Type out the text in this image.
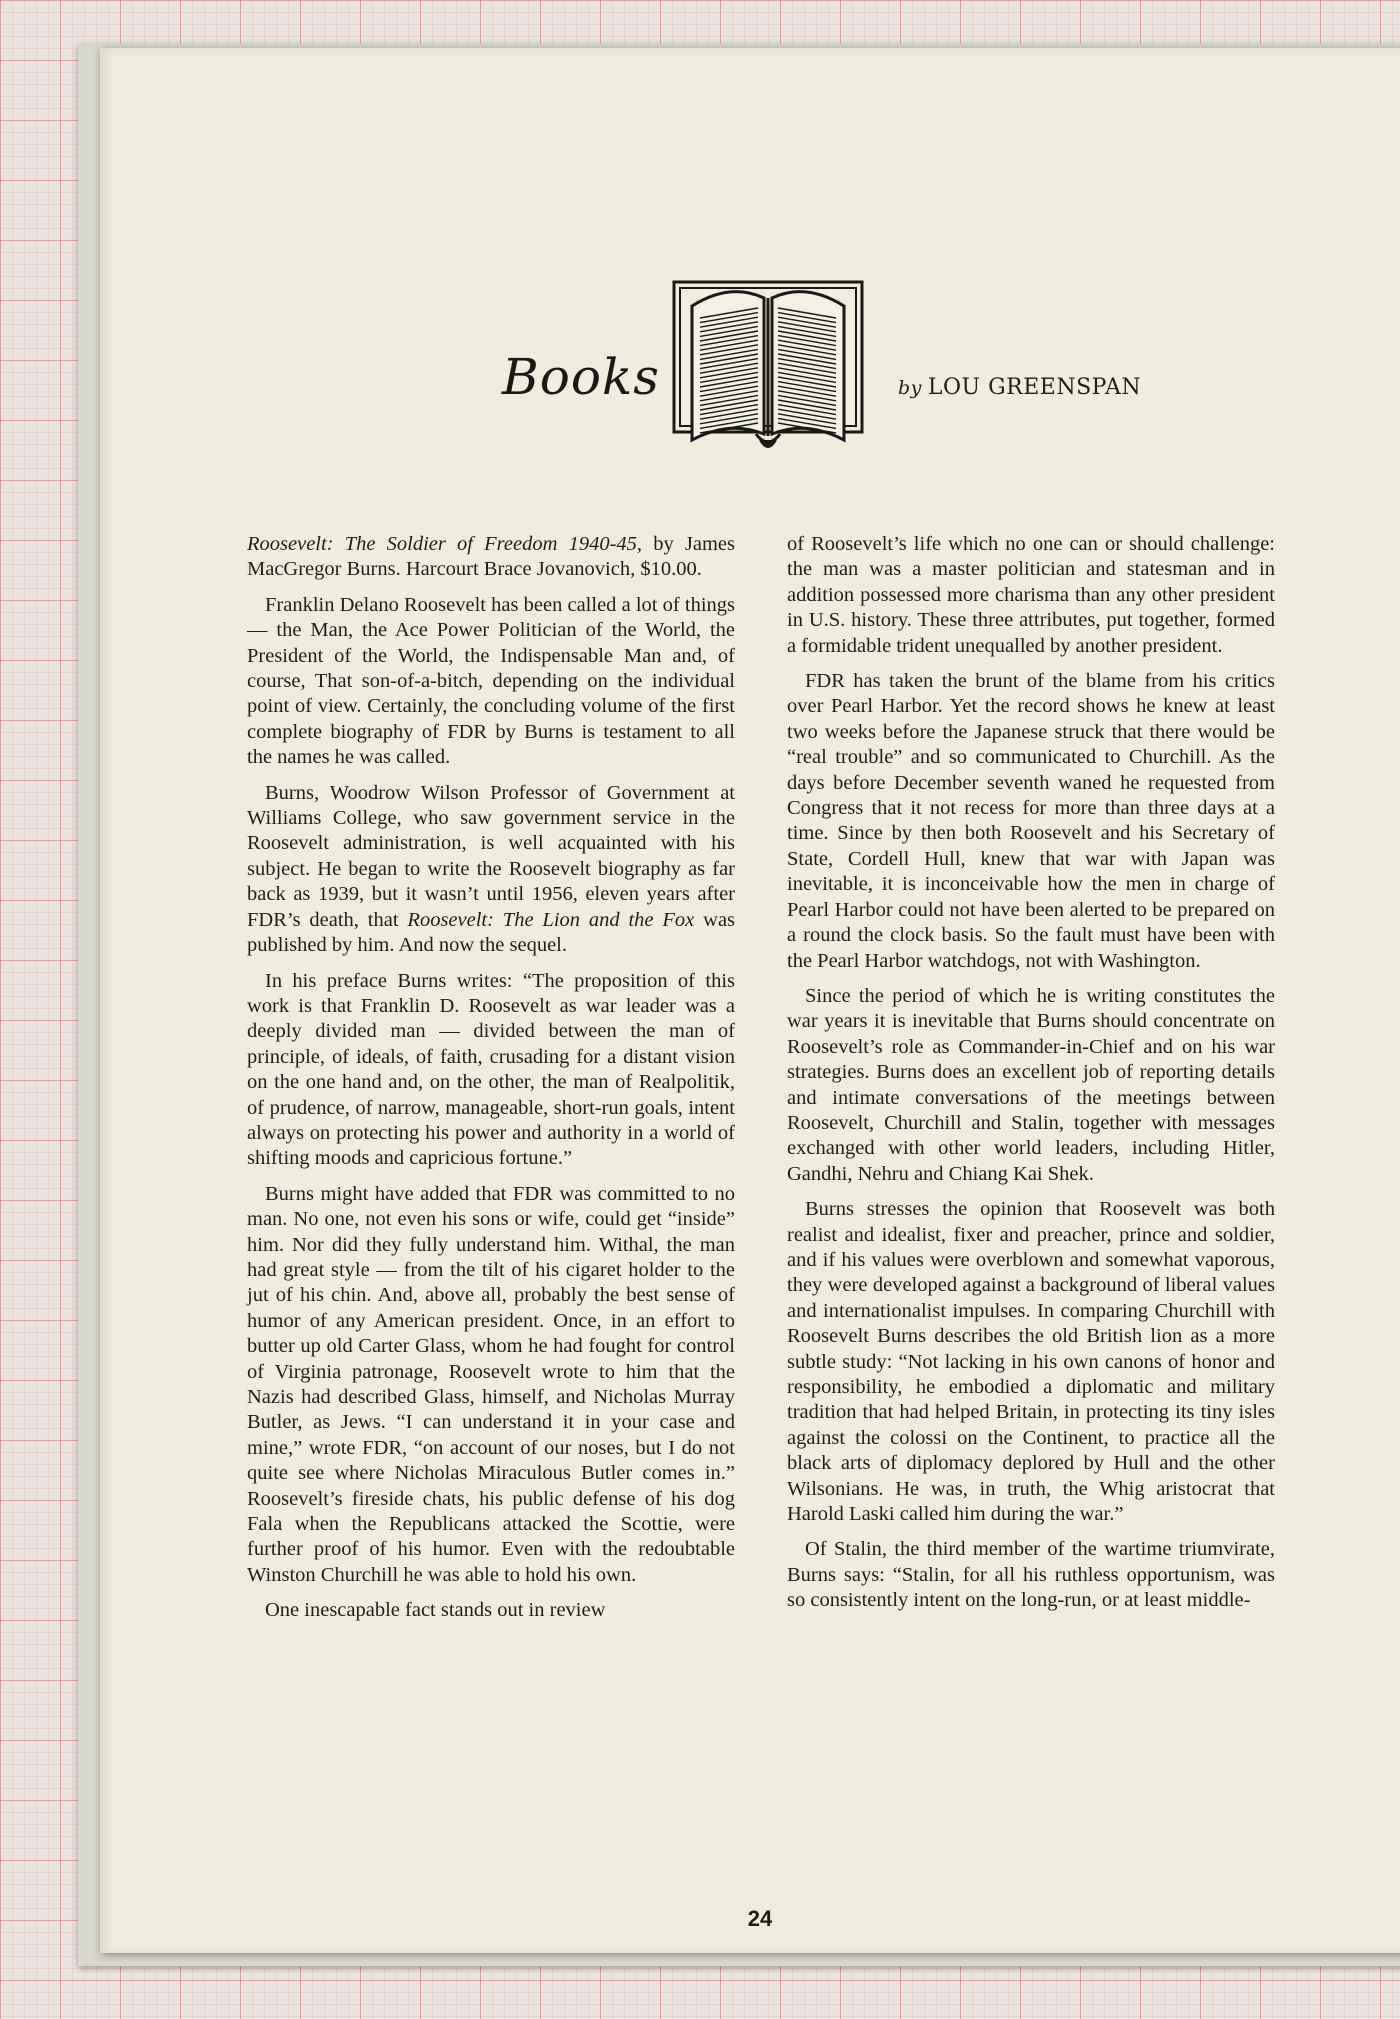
Books	by LOU GREENSPAN

Roosevelt: The Soldier of Freedom 1940-45, by James MacGregor Burns. Harcourt Brace Jovanovich, $10.00.

Franklin Delano Roosevelt has been called a lot of things — the Man, the Ace Power Politician of the World, the President of the World, the Indispensable Man and, of course, That son-of-a-bitch, depending on the individual point of view. Certainly, the concluding volume of the first complete biography of FDR by Burns is testament to all the names he was called.

Burns, Woodrow Wilson Professor of Government at Williams College, who saw government service in the Roosevelt administration, is well acquainted with his subject. He began to write the Roosevelt biography as far back as 1939, but it wasn’t until 1956, eleven years after FDR’s death, that Roosevelt: The Lion and the Fox was published by him. And now the sequel.

In his preface Burns writes: “The proposition of this work is that Franklin D. Roosevelt as war leader was a deeply divided man — divided between the man of principle, of ideals, of faith, crusading for a distant vision on the one hand and, on the other, the man of Realpolitik, of prudence, of narrow, manageable, short-run goals, intent always on protecting his power and authority in a world of shifting moods and capricious fortune.”

Burns might have added that FDR was committed to no man. No one, not even his sons or wife, could get “inside” him. Nor did they fully understand him. Withal, the man had great style — from the tilt of his cigaret holder to the jut of his chin. And, above all, probably the best sense of humor of any American president. Once, in an effort to butter up old Carter Glass, whom he had fought for control of Virginia patronage, Roosevelt wrote to him that the Nazis had described Glass, himself, and Nicholas Murray Butler, as Jews. “I can understand it in your case and mine,” wrote FDR, “on account of our noses, but I do not quite see where Nicholas Miraculous Butler comes in.” Roosevelt’s fireside chats, his public defense of his dog Fala when the Republicans attacked the Scottie, were further proof of his humor. Even with the redoubtable Winston Churchill he was able to hold his own.

One inescapable fact stands out in review

of Roosevelt’s life which no one can or should challenge: the man was a master politician and statesman and in addition possessed more charisma than any other president in U.S. history. These three attributes, put together, formed a formidable trident unequalled by another president.

FDR has taken the brunt of the blame from his critics over Pearl Harbor. Yet the record shows he knew at least two weeks before the Japanese struck that there would be “real trouble” and so communicated to Churchill. As the days before December seventh waned he requested from Congress that it not recess for more than three days at a time. Since by then both Roosevelt and his Secretary of State, Cordell Hull, knew that war with Japan was inevitable, it is inconceivable how the men in charge of Pearl Harbor could not have been alerted to be prepared on a round the clock basis. So the fault must have been with the Pearl Harbor watchdogs, not with Washington.

Since the period of which he is writing constitutes the war years it is inevitable that Burns should concentrate on Roosevelt’s role as Commander-in-Chief and on his war strategies. Burns does an excellent job of reporting details and intimate conversations of the meetings between Roosevelt, Churchill and Stalin, together with messages exchanged with other world leaders, including Hitler, Gandhi, Nehru and Chiang Kai Shek.

Burns stresses the opinion that Roosevelt was both realist and idealist, fixer and preacher, prince and soldier, and if his values were overblown and somewhat vaporous, they were developed against a background of liberal values and internationalist impulses. In comparing Churchill with Roosevelt Burns describes the old British lion as a more subtle study: “Not lacking in his own canons of honor and responsibility, he embodied a diplomatic and military tradition that had helped Britain, in protecting its tiny isles against the colossi on the Continent, to practice all the black arts of diplomacy deplored by Hull and the other Wilsonians. He was, in truth, the Whig aristocrat that Harold Laski called him during the war.”

Of Stalin, the third member of the wartime triumvirate, Burns says: “Stalin, for all his ruthless opportunism, was so consistently intent on the long-run, or at least middle-

24
